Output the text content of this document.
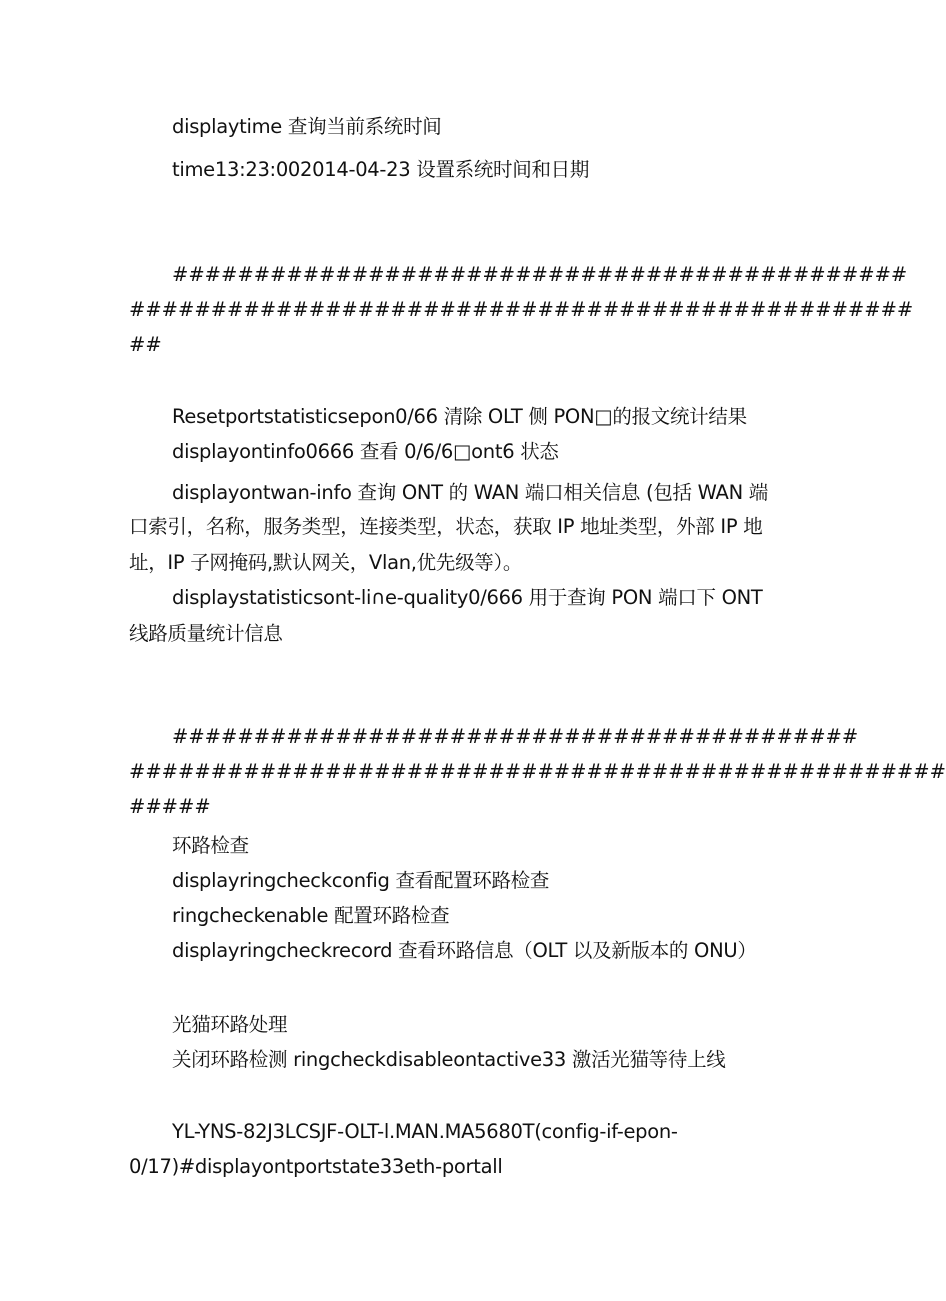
displaytime 查询当前系统时间
time13:23:002014-04-23 设置系统时间和日期
#############################################
################################################
##
Resetportstatisticsepon0/66 清除 OLT 侧 PON□的报文统计结果
displayontinfo0666 查看 0/6/6□ont6 状态
displayontwan-info 查询 ONT 的 WAN 端口相关信息 (包括 WAN 端
口索引，名称，服务类型，连接类型，状态，获取 IP 地址类型，外部 IP 地
址，IP 子网掩码,默认网关，Vlan,优先级等）。
displaystatisticsont-li∩e-quality0/666 用于查询 PON 端口下 ONT
线路质量统计信息
##########################################
##################################################
#####
环路检查
displayringcheckconfig 查看配置环路检查
ringcheckenable 配置环路检查
displayringcheckrecord 查看环路信息（OLT 以及新版本的 ONU）
光猫环路处理
关闭环路检测 ringcheckdisableontactive33 激活光猫等待上线
YL-YNS-82J3LCSJF-OLT-l.MAN.MA5680T(config-if-epon-
0/17)#displayontportstate33eth-portall
